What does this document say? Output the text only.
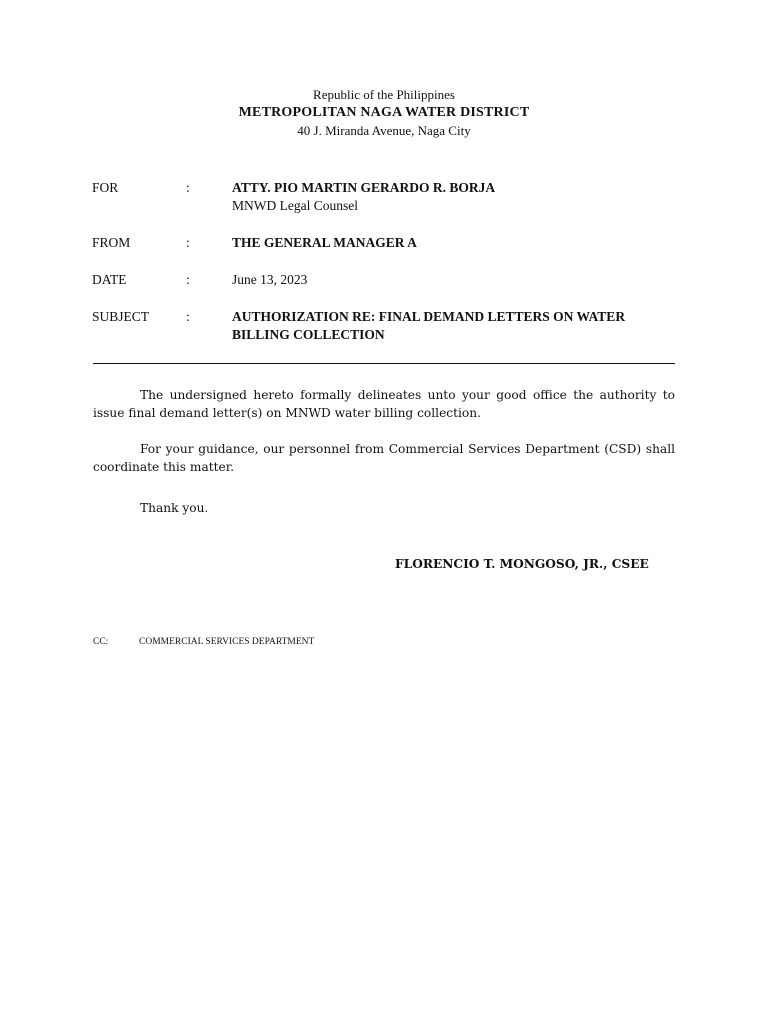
Republic of the Philippines
METROPOLITAN NAGA WATER DISTRICT
40 J. Miranda Avenue, Naga City
FOR	:	ATTY. PIO MARTIN GERARDO R. BORJA
MNWD Legal Counsel
FROM	:	THE GENERAL MANAGER A
DATE	:	June 13, 2023
SUBJECT	:	AUTHORIZATION RE: FINAL DEMAND LETTERS ON WATER BILLING COLLECTION
The undersigned hereto formally delineates unto your good office the authority to issue final demand letter(s) on MNWD water billing collection.
For your guidance, our personnel from Commercial Services Department (CSD) shall coordinate this matter.
Thank you.
FLORENCIO T. MONGOSO, JR., CSEE
CC:	COMMERCIAL SERVICES DEPARTMENT
